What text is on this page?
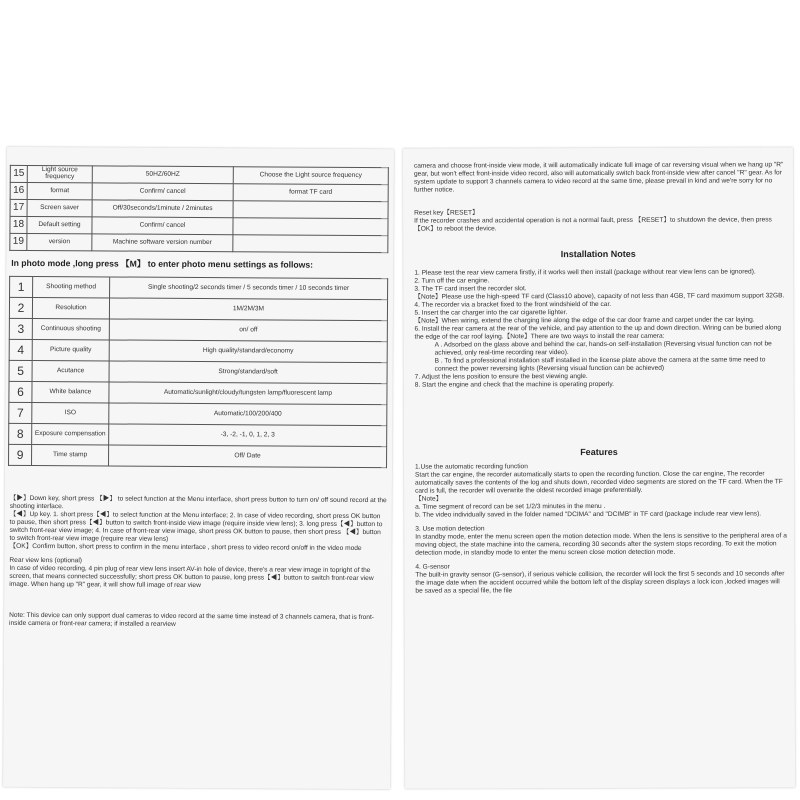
15	Light source frequency	50HZ/60HZ	Choose the Light source frequency
16	format	Confirm/ cancel	format TF card
17	Screen saver	Off/30seconds/1minute / 2minutes	
18	Default setting	Confirm/ cancel	
19	version	Machine software version number	
In photo mode ,long press 【M】 to enter photo menu settings as follows:
1	Shooting method	Single shooting/2 seconds timer / 5 seconds timer / 10 seconds timer
2	Resolution	1M/2M/3M
3	Continuous shooting	on/ off
4	Picture quality	High quality/standard/economy
5	Acutance	Strong/standard/soft
6	White balance	Automatic/sunlight/cloudy/tungsten lamp/fluorescent lamp
7	ISO	Automatic/100/200/400
8	Exposure compensation	-3, -2, -1, 0, 1, 2, 3
9	Time stamp	Off/ Date

【▶】Down key, short press 【▶】 to select function at the Menu interface, short press button to turn on/ off sound record at the shooting interface.

【◀】Up key. 1. short press【◀】to select function at the Menu interface; 2. In case of video recording, short press OK button to pause, then short press【◀】button to switch front-inside view image (require inside view lens); 3. long press【◀】button to switch front-rear view image; 4. In case of front-rear view image, short press OK button to pause, then short press 【◀】button to switch front-rear view image (require rear view lens)

【OK】Confirm button, short press to confirm in the menu interface , short press to video record on/off in the video mode

Rear view lens (optional)

In case of video recording, 4 pin plug of rear view lens insert AV-in hole of device, there's a rear view image in topright of the screen, that means connected successfully; short press OK button to pause, long press【◀】button to switch front-rear view image. When hang up "R" gear, it will show full image of rear view

Note: This device can only support dual cameras to video record at the same time instead of 3 channels camera, that is front-inside camera or front-rear camera; if installed a rearview

camera and choose front-inside view mode, it will automatically indicate full image of car reversing visual when we hang up "R" gear, but won't effect front-inside video record, also will automatically switch back front-inside view after cancel "R" gear. As for system update to support 3 channels camera to video record at the same time, please prevail in kind and we're sorry for no further notice.

Reset key【RESET】

If the recorder crashes and accidental operation is not a normal fault, press 【RESET】to shutdown the device, then press【OK】to reboot the device.

Installation Notes

1. Please test the rear view camera firstly, if it works well then install (package without rear view lens can be ignored).

2. Turn off the car engine.

3. The TF card insert the recorder slot.

【Note】Please use the high-speed TF card (Class10 above), capacity of not less than 4GB, TF card maximum support 32GB.

4. The recorder via a bracket fixed to the front windshield of the car.

5. Insert the car charger into the car cigarette lighter.

【Note】When wiring, extend the charging line along the edge of the car door frame and carpet under the car laying.

6. Install the rear camera at the rear of the vehicle, and pay attention to the up and down direction. Wiring can be buried along the edge of the car roof laying.【Note】There are two ways to install the rear camera:

A . Adsorbed on the glass above and behind the car, hands-on self-installation (Reversing visual function can not be achieved, only real-time recording rear video).

B . To find a professional installation staff installed in the license plate above the camera at the same time need to connect the power reversing lights (Reversing visual function can be achieved)

7. Adjust the lens position to ensure the best viewing angle.

8. Start the engine and check that the machine is operating properly.

Features

1.Use the automatic recording function

Start the car engine, the recorder automatically starts to open the recording function. Close the car engine, The recorder automatically saves the contents of the log and shuts down, recorded video segments are stored on the TF card. When the TF card is full, the recorder will overwrite the oldest recorded image preferentially.

【Note】

a. Time segment of record can be set 1/2/3 minutes in the menu .

b. The video individually saved in the folder named "DCIMA" and "DCIMB" in TF card (package include rear view lens).

3. Use motion detection

In standby mode, enter the menu screen open the motion detection mode. When the lens is sensitive to the peripheral area of a moving object, the state machine into the camera, recording 30 seconds after the system stops recording. To exit the motion detection mode, in standby mode to enter the menu screen close motion detection mode.

4. G-sensor

The built-in gravity sensor (G-sensor), if serious vehicle collision, the recorder will lock the first 5 seconds and 10 seconds after the image date when the accident occurred while the bottom left of the display screen displays a lock icon ,locked images will be saved as a special file, the file
